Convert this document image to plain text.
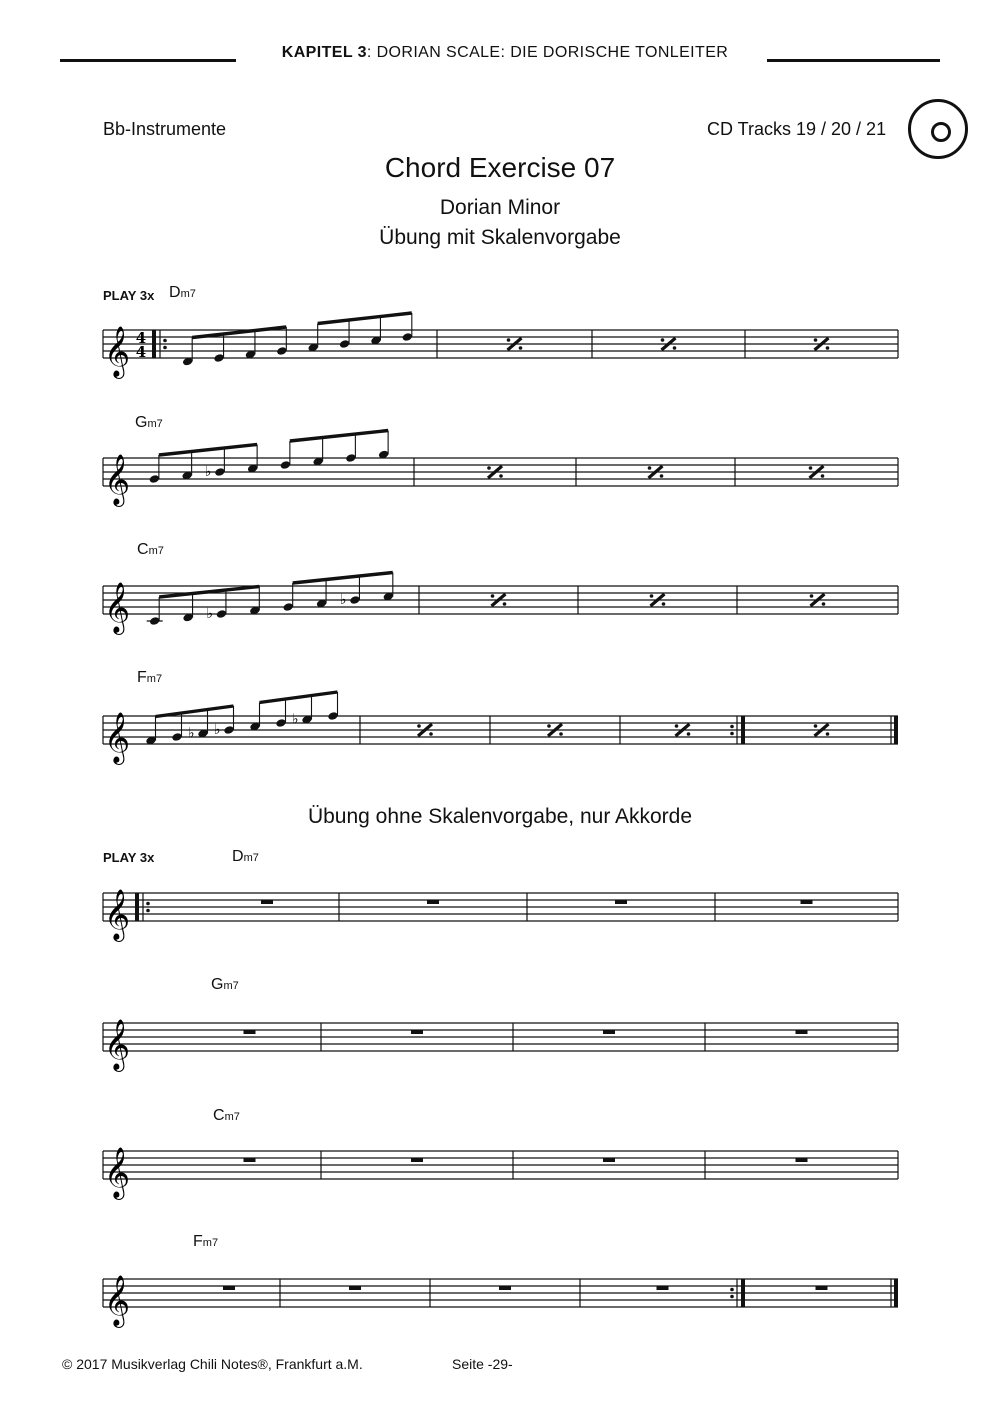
KAPITEL 3: DORIAN SCALE: DIE DORISCHE TONLEITER
Bb-Instrumente	CD Tracks 19 / 20 / 21
Chord Exercise 07
Dorian Minor
Übung mit Skalenvorgabe
Übung ohne Skalenvorgabe, nur Akkorde
PLAY 3x
PLAY 3x
Dm7
Gm7
Cm7
Fm7
Dm7
Gm7
Cm7
Fm7
𝄞 4
4
𝄞	♭
𝄞	♭
♭
𝄞	♭ ♭
♭
𝄞
𝄞
𝄞
𝄞
© 2017 Musikverlag Chili Notes®, Frankfurt a.M.	Seite -29-
